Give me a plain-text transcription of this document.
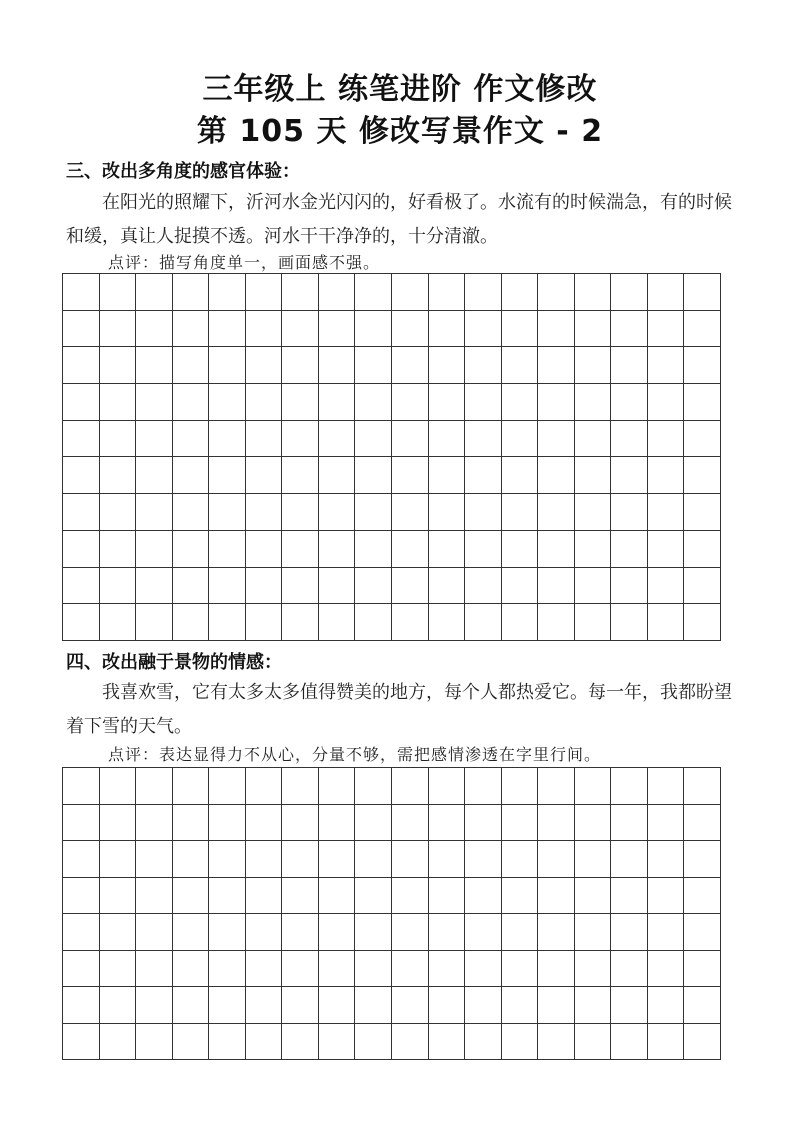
三年级上 练笔进阶 作文修改
第 105 天 修改写景作文 - 2
三、改出多角度的感官体验：
在阳光的照耀下，沂河水金光闪闪的，好看极了。水流有的时候湍急，有的时候和缓，真让人捉摸不透。河水干干净净的，十分清澈。
点评：描写角度单一，画面感不强。
四、改出融于景物的情感：
我喜欢雪，它有太多太多值得赞美的地方，每个人都热爱它。每一年，我都盼望着下雪的天气。
点评：表达显得力不从心，分量不够，需把感情渗透在字里行间。
